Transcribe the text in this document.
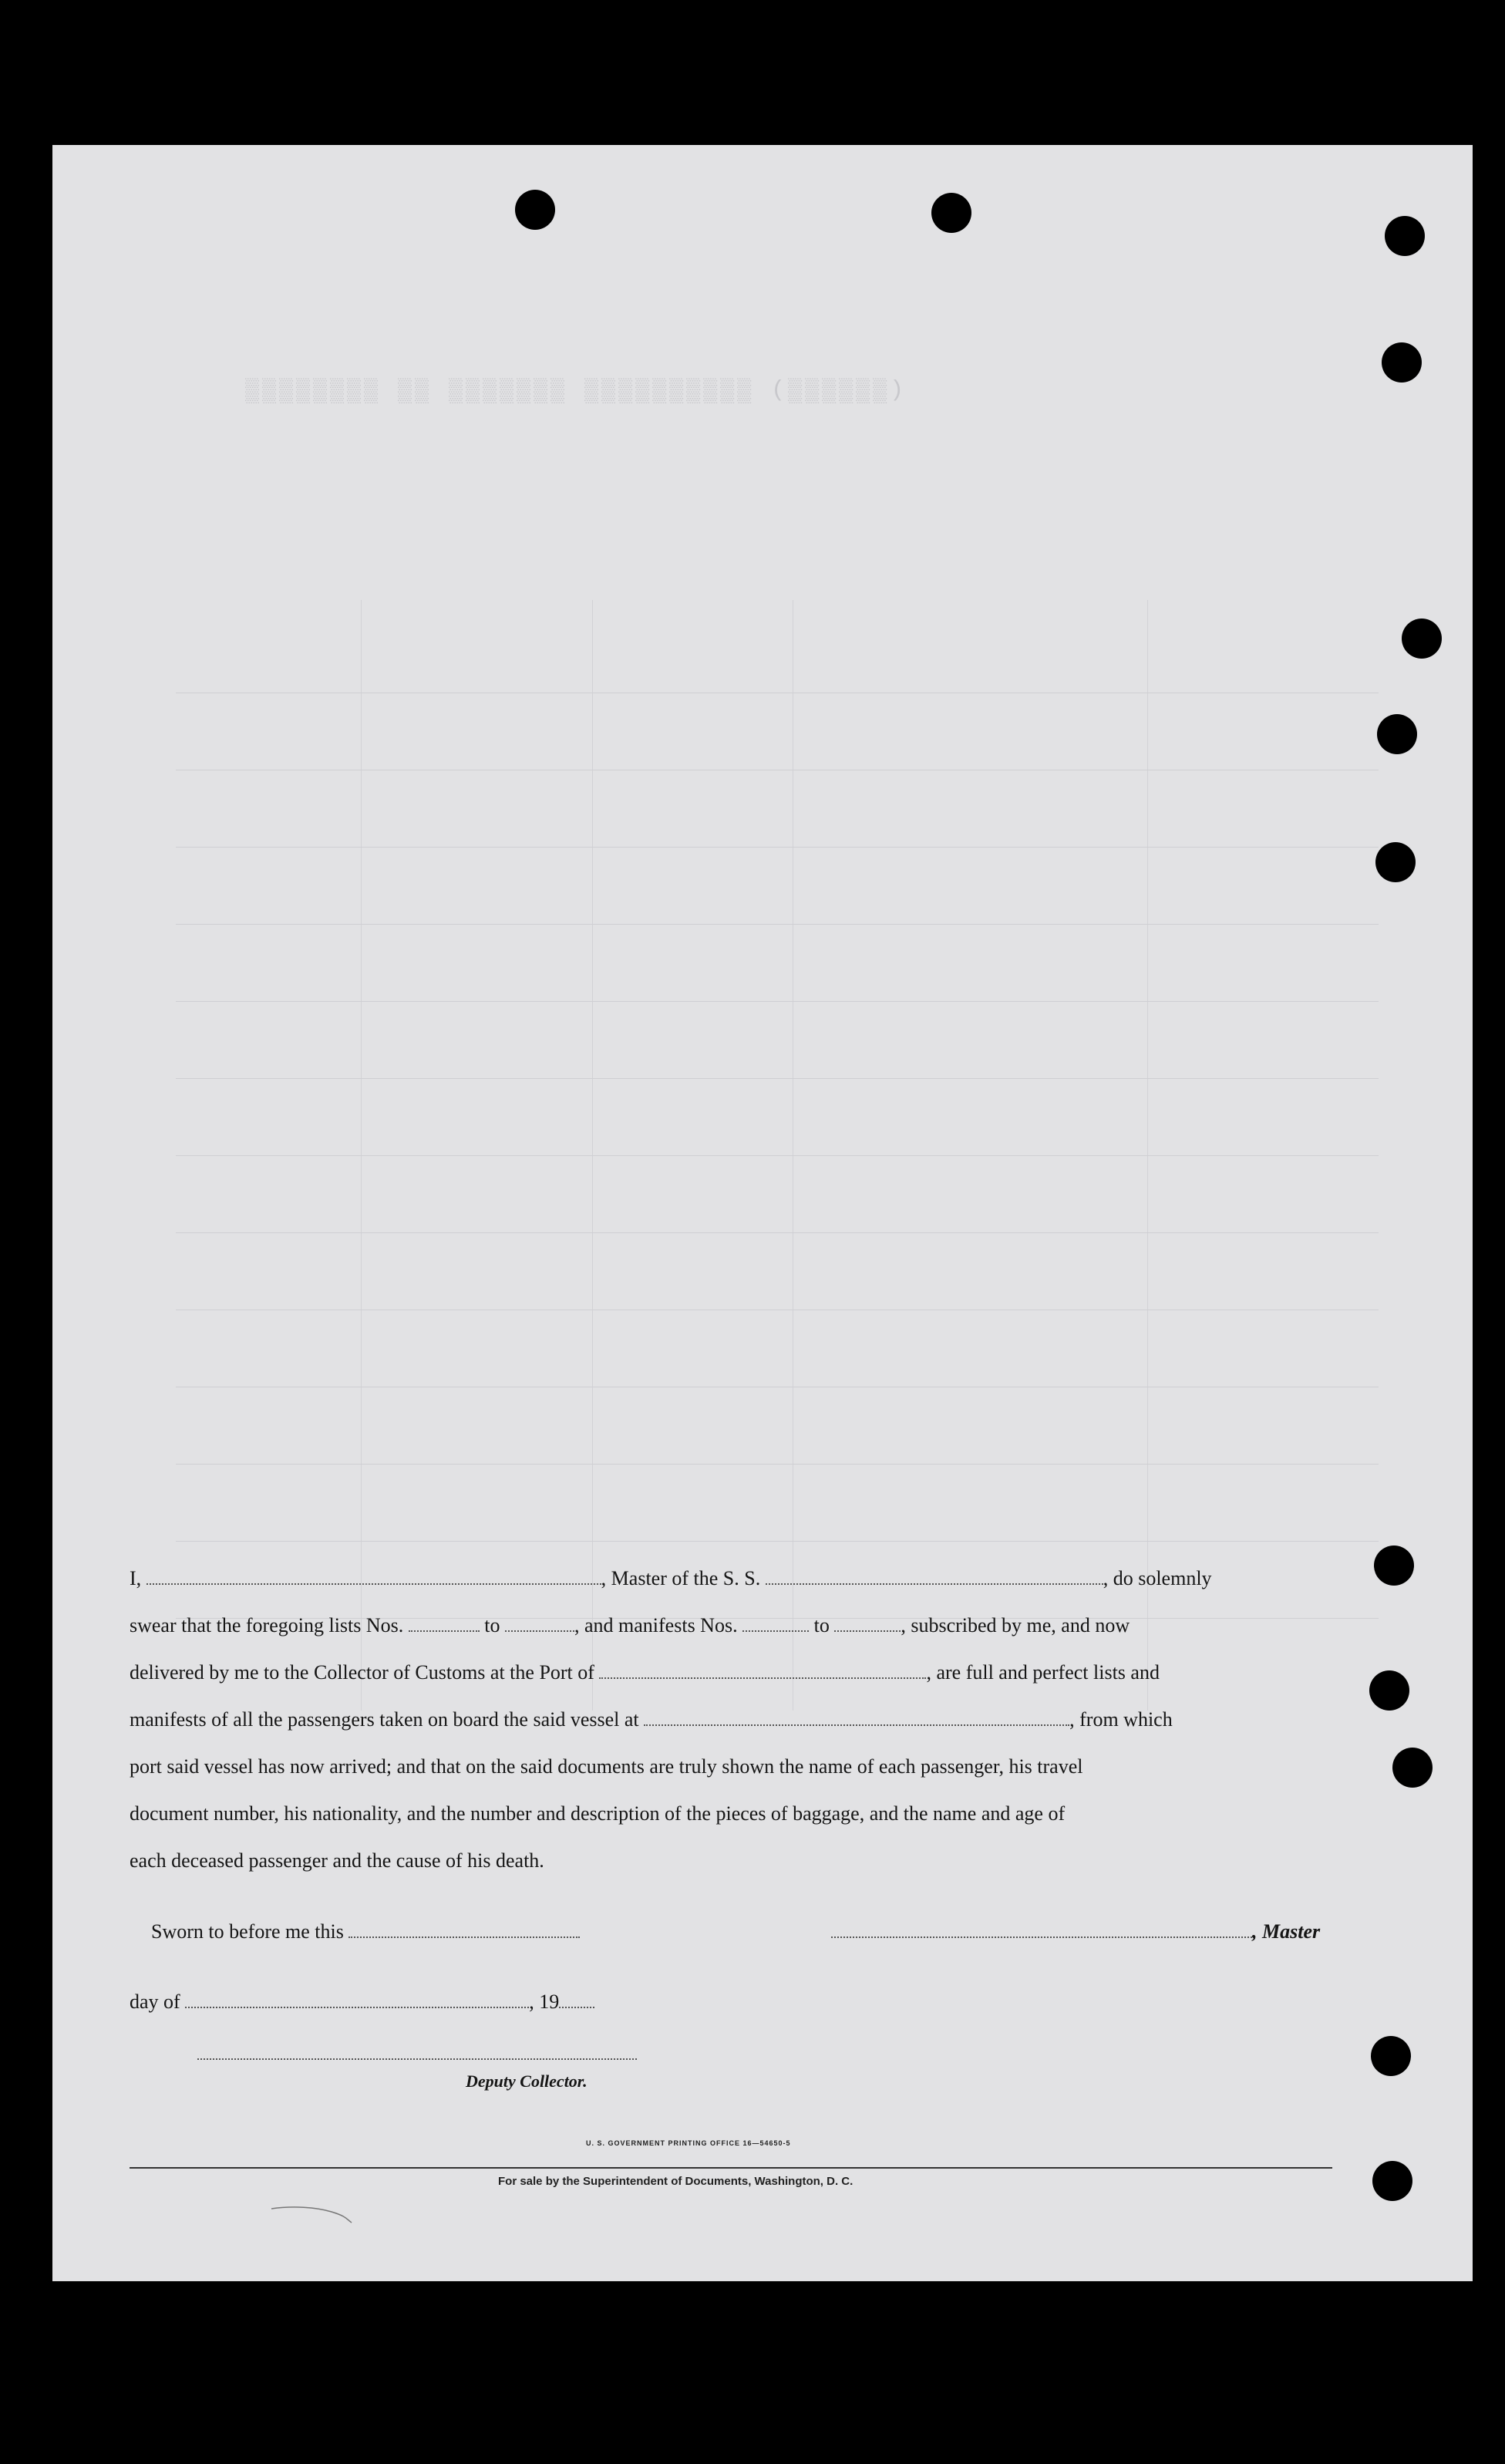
▒▒▒▒▒▒▒▒ ▒▒ ▒▒▒▒▒▒▒ ▒▒▒▒▒▒▒▒▒▒ (▒▒▒▒▒▒)
I,	, Master of the S. S.	, do solemnly
swear that the foregoing lists Nos.	to	, and manifests Nos.	to	, subscribed by me, and now
delivered by me to the Collector of Customs at the Port of	, are full and perfect lists and
manifests of all the passengers taken on board the said vessel at	, from which
port said vessel has now arrived; and that on the said documents are truly shown the name of each passenger, his travel
document number, his nationality, and the number and description of the pieces of baggage, and the name and age of
each deceased passenger and the cause of his death.
Sworn to before me this	, Master
day of	, 19
Deputy Collector.
U. S. GOVERNMENT PRINTING OFFICE 16—54650-5
For sale by the Superintendent of Documents, Washington, D. C.
